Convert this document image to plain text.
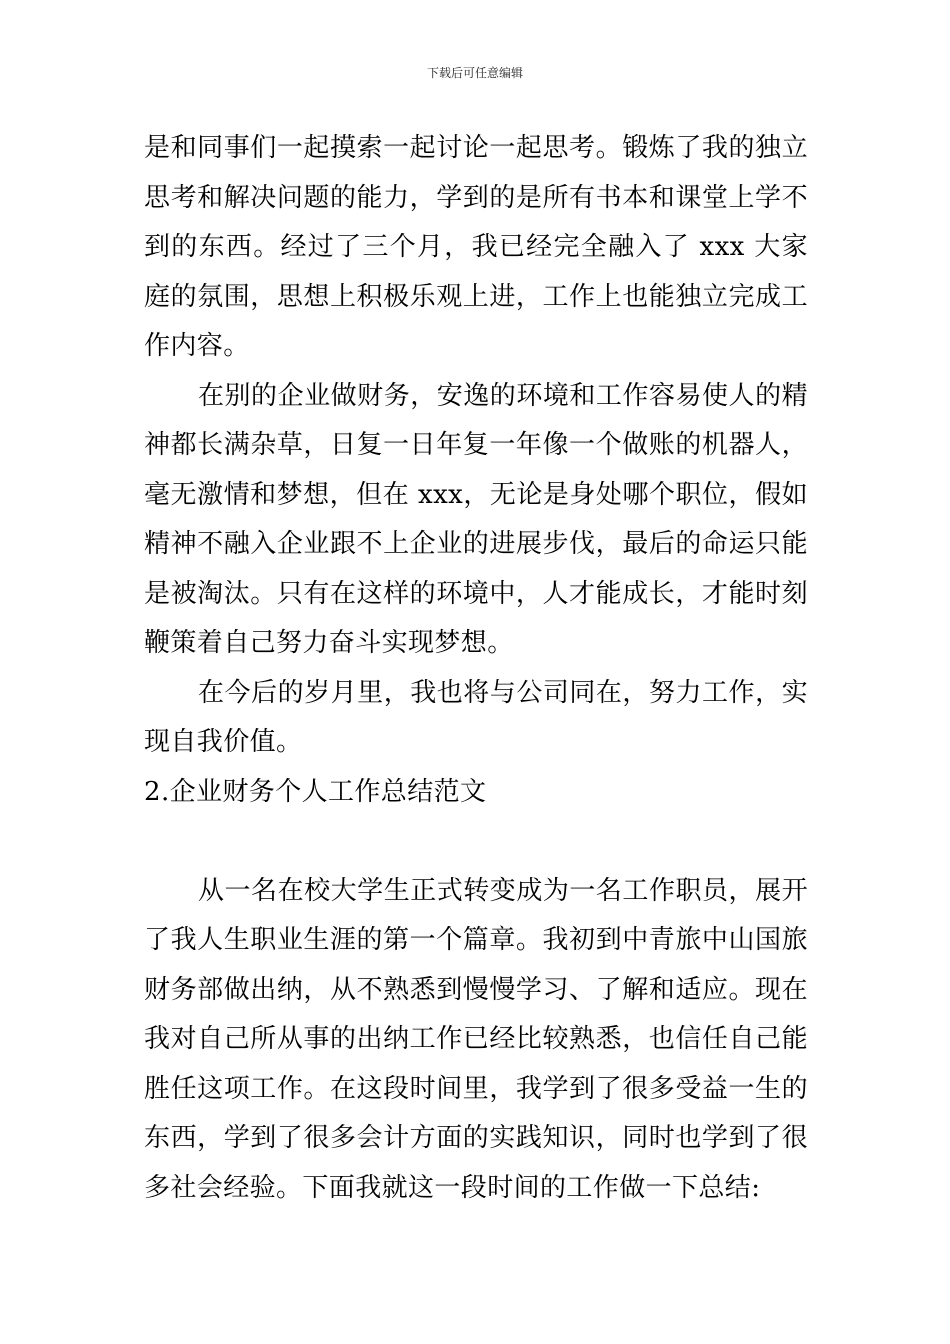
下载后可任意编辑

是和同事们一起摸索一起讨论一起思考。锻炼了我的独立思考和解决问题的能力，学到的是所有书本和课堂上学不到的东西。经过了三个月，我已经完全融入了 xxx 大家庭的氛围，思想上积极乐观上进，工作上也能独立完成工作内容。

在别的企业做财务，安逸的环境和工作容易使人的精神都长满杂草，日复一日年复一年像一个做账的机器人，毫无激情和梦想，但在 xxx，无论是身处哪个职位，假如精神不融入企业跟不上企业的进展步伐，最后的命运只能是被淘汰。只有在这样的环境中，人才能成长，才能时刻鞭策着自己努力奋斗实现梦想。

在今后的岁月里，我也将与公司同在，努力工作，实现自我价值。

2.企业财务个人工作总结范文

从一名在校大学生正式转变成为一名工作职员，展开了我人生职业生涯的第一个篇章。我初到中青旅中山国旅财务部做出纳，从不熟悉到慢慢学习、了解和适应。现在我对自己所从事的出纳工作已经比较熟悉，也信任自己能胜任这项工作。在这段时间里，我学到了很多受益一生的东西，学到了很多会计方面的实践知识，同时也学到了很多社会经验。下面我就这一段时间的工作做一下总结:
